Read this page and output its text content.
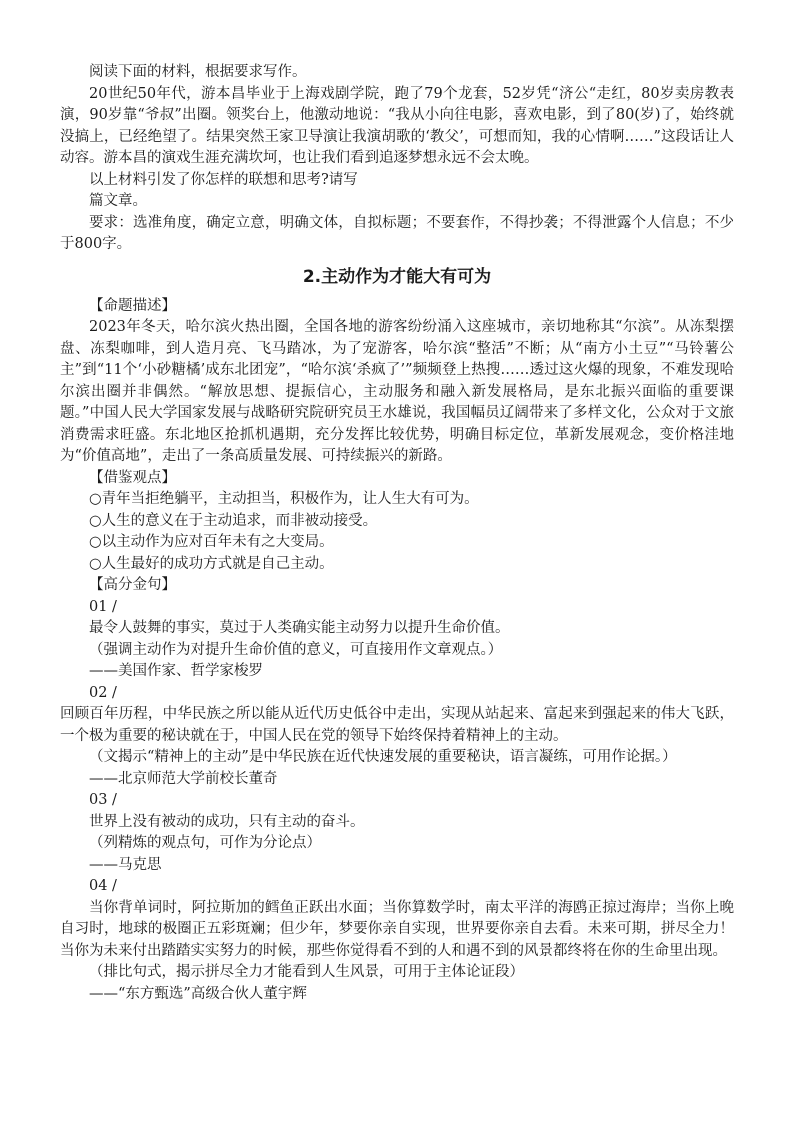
阅读下面的材料，根据要求写作。

20世纪50年代，游本昌毕业于上海戏剧学院，跑了79个龙套，52岁凭“济公“走红，80岁卖房教表演，90岁靠“爷叔”出圈。领奖台上，他激动地说：“我从小向往电影，喜欢电影，到了80(岁)了，始终就没搞上，已经绝望了。结果突然王家卫导演让我演胡歌的‘教父’，可想而知，我的心情啊……”这段话让人动容。游本昌的演戏生涯充满坎坷，也让我们看到追逐梦想永远不会太晚。

以上材料引发了你怎样的联想和思考?请写

篇文章。

要求：选准角度，确定立意，明确文体，自拟标题；不要套作，不得抄袭；不得泄露个人信息；不少于800字。

2.主动作为才能大有可为

【命题描述】

2023年冬天，哈尔滨火热出圈，全国各地的游客纷纷涌入这座城市，亲切地称其“尔滨”。从冻梨摆盘、冻梨咖啡，到人造月亮、飞马踏冰，为了宠游客，哈尔滨“整活”不断；从“南方小土豆”“马铃薯公主”到“11个‘小砂糖橘’成东北团宠”，“哈尔滨‘杀疯了’”频频登上热搜……透过这火爆的现象，不难发现哈尔滨出圈并非偶然。“解放思想、提振信心，主动服务和融入新发展格局，是东北振兴面临的重要课题。”中国人民大学国家发展与战略研究院研究员王水雄说，我国幅员辽阔带来了多样文化，公众对于文旅消费需求旺盛。东北地区抢抓机遇期，充分发挥比较优势，明确目标定位，革新发展观念，变价格洼地为“价值高地”，走出了一条高质量发展、可持续振兴的新路。

【借鉴观点】

○青年当拒绝躺平，主动担当，积极作为，让人生大有可为。

○人生的意义在于主动追求，而非被动接受。

○以主动作为应对百年未有之大变局。

○人生最好的成功方式就是自己主动。

【高分金句】

01 /

最令人鼓舞的事实，莫过于人类确实能主动努力以提升生命价值。

（强调主动作为对提升生命价值的意义，可直接用作文章观点。）

——美国作家、哲学家梭罗

02 /

回顾百年历程，中华民族之所以能从近代历史低谷中走出，实现从站起来、富起来到强起来的伟大飞跃，一个极为重要的秘诀就在于，中国人民在党的领导下始终保持着精神上的主动。

（文揭示“精神上的主动”是中华民族在近代快速发展的重要秘诀，语言凝练，可用作论据。）

——北京师范大学前校长董奇

03 /

世界上没有被动的成功，只有主动的奋斗。

（列精炼的观点句，可作为分论点）

——马克思

04 /

当你背单词时，阿拉斯加的鳕鱼正跃出水面；当你算数学时，南太平洋的海鸥正掠过海岸；当你上晚自习时，地球的极圈正五彩斑斓；但少年，梦要你亲自实现，世界要你亲自去看。未来可期，拼尽全力！当你为未来付出踏踏实实努力的时候，那些你觉得看不到的人和遇不到的风景都终将在你的生命里出现。

（排比句式，揭示拼尽全力才能看到人生风景，可用于主体论证段）

——“东方甄选”高级合伙人董宇辉
